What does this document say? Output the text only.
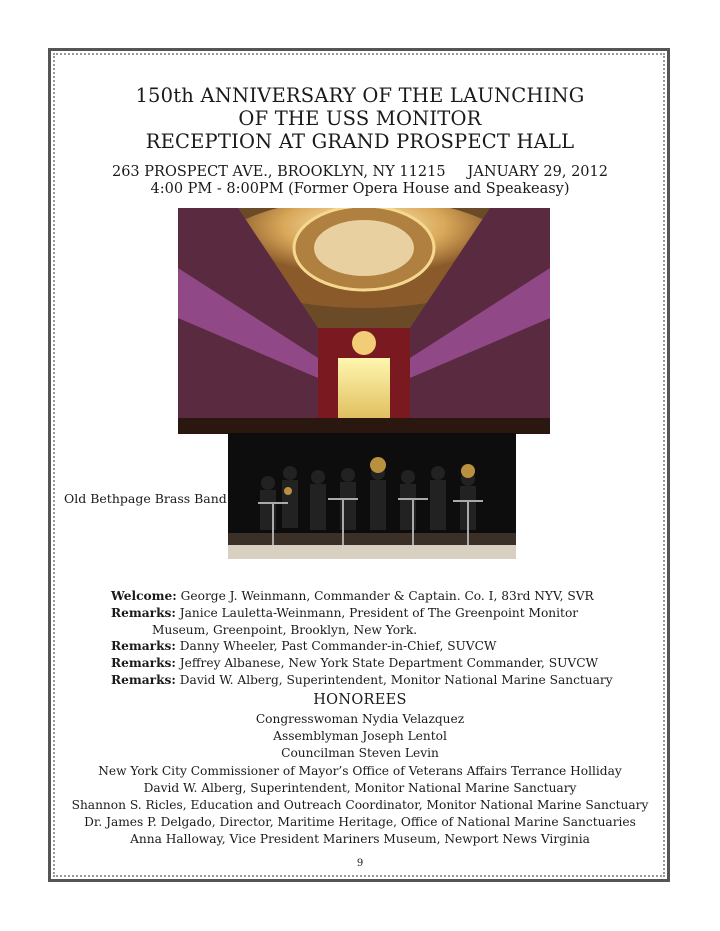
150th ANNIVERSARY OF THE LAUNCHING
OF THE USS MONITOR
RECEPTION AT GRAND PROSPECT HALL
263 PROSPECT AVE., BROOKLYN, NY 11215 JANUARY 29, 2012
4:00 PM - 8:00PM (Former Opera House and Speakeasy)
Old Bethpage Brass Band
Welcome: George J. Weinmann, Commander & Captain. Co. I, 83rd NYV, SVR
Remarks: Janice Lauletta-Weinmann, President of The Greenpoint Monitor
Museum, Greenpoint, Brooklyn, New York.
Remarks: Danny Wheeler, Past Commander-in-Chief, SUVCW
Remarks: Jeffrey Albanese, New York State Department Commander, SUVCW
Remarks: David W. Alberg, Superintendent, Monitor National Marine Sanctuary
HONOREES
Congresswoman Nydia Velazquez
Assemblyman Joseph Lentol
Councilman Steven Levin
New York City Commissioner of Mayor’s Office of Veterans Affairs Terrance Holliday
David W. Alberg, Superintendent, Monitor National Marine Sanctuary
Shannon S. Ricles, Education and Outreach Coordinator, Monitor National Marine Sanctuary
Dr. James P. Delgado, Director, Maritime Heritage, Office of National Marine Sanctuaries
Anna Halloway, Vice President Mariners Museum, Newport News Virginia
9
